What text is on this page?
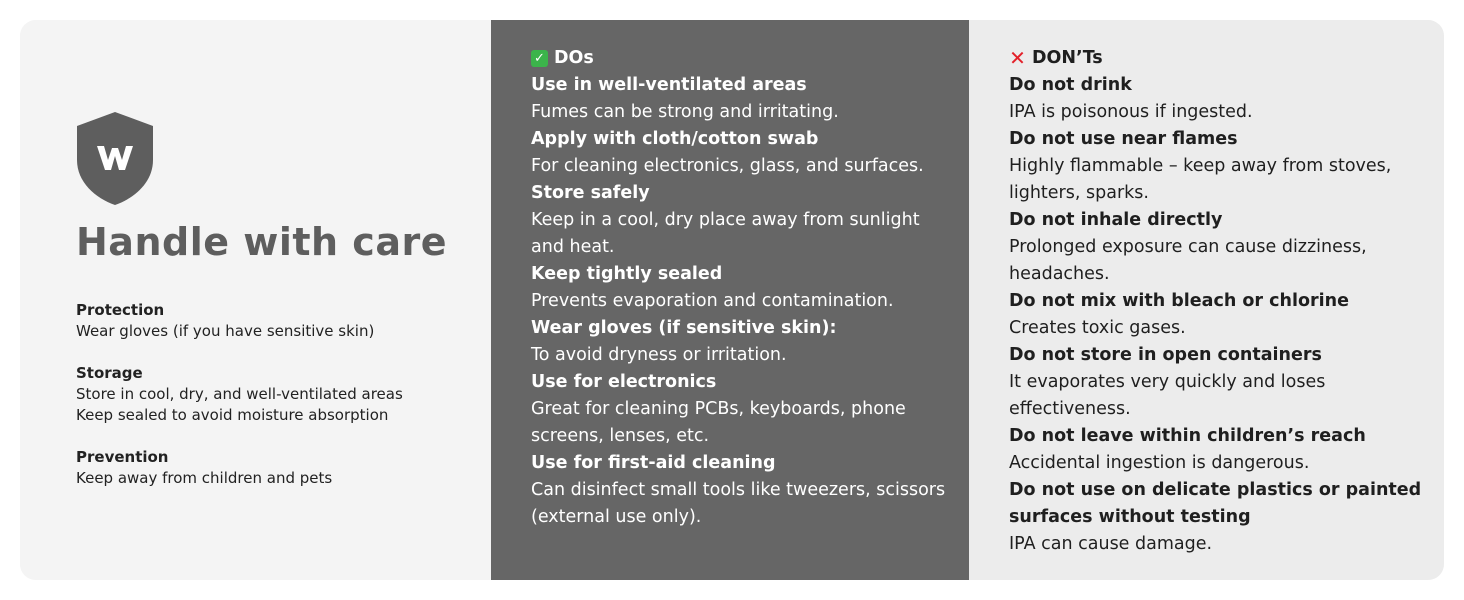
Handle with care
Protection
Wear gloves (if you have sensitive skin)
Storage
Store in cool, dry, and well-ventilated areas
Keep sealed to avoid moisture absorption
Prevention
Keep away from children and pets
✓ DOs
Use in well-ventilated areas
Fumes can be strong and irritating.
Apply with cloth/cotton swab
For cleaning electronics, glass, and surfaces.
Store safely
Keep in a cool, dry place away from sunlight and heat.
Keep tightly sealed
Prevents evaporation and contamination.
Wear gloves (if sensitive skin):
To avoid dryness or irritation.
Use for electronics
Great for cleaning PCBs, keyboards, phone screens, lenses, etc.
Use for first-aid cleaning
Can disinfect small tools like tweezers, scissors (external use only).
✕ DON’Ts
Do not drink
IPA is poisonous if ingested.
Do not use near flames
Highly flammable – keep away from stoves, lighters, sparks.
Do not inhale directly
Prolonged exposure can cause dizziness, headaches.
Do not mix with bleach or chlorine
Creates toxic gases.
Do not store in open containers
It evaporates very quickly and loses effectiveness.
Do not leave within children’s reach
Accidental ingestion is dangerous.
Do not use on delicate plastics or painted surfaces without testing
IPA can cause damage.
